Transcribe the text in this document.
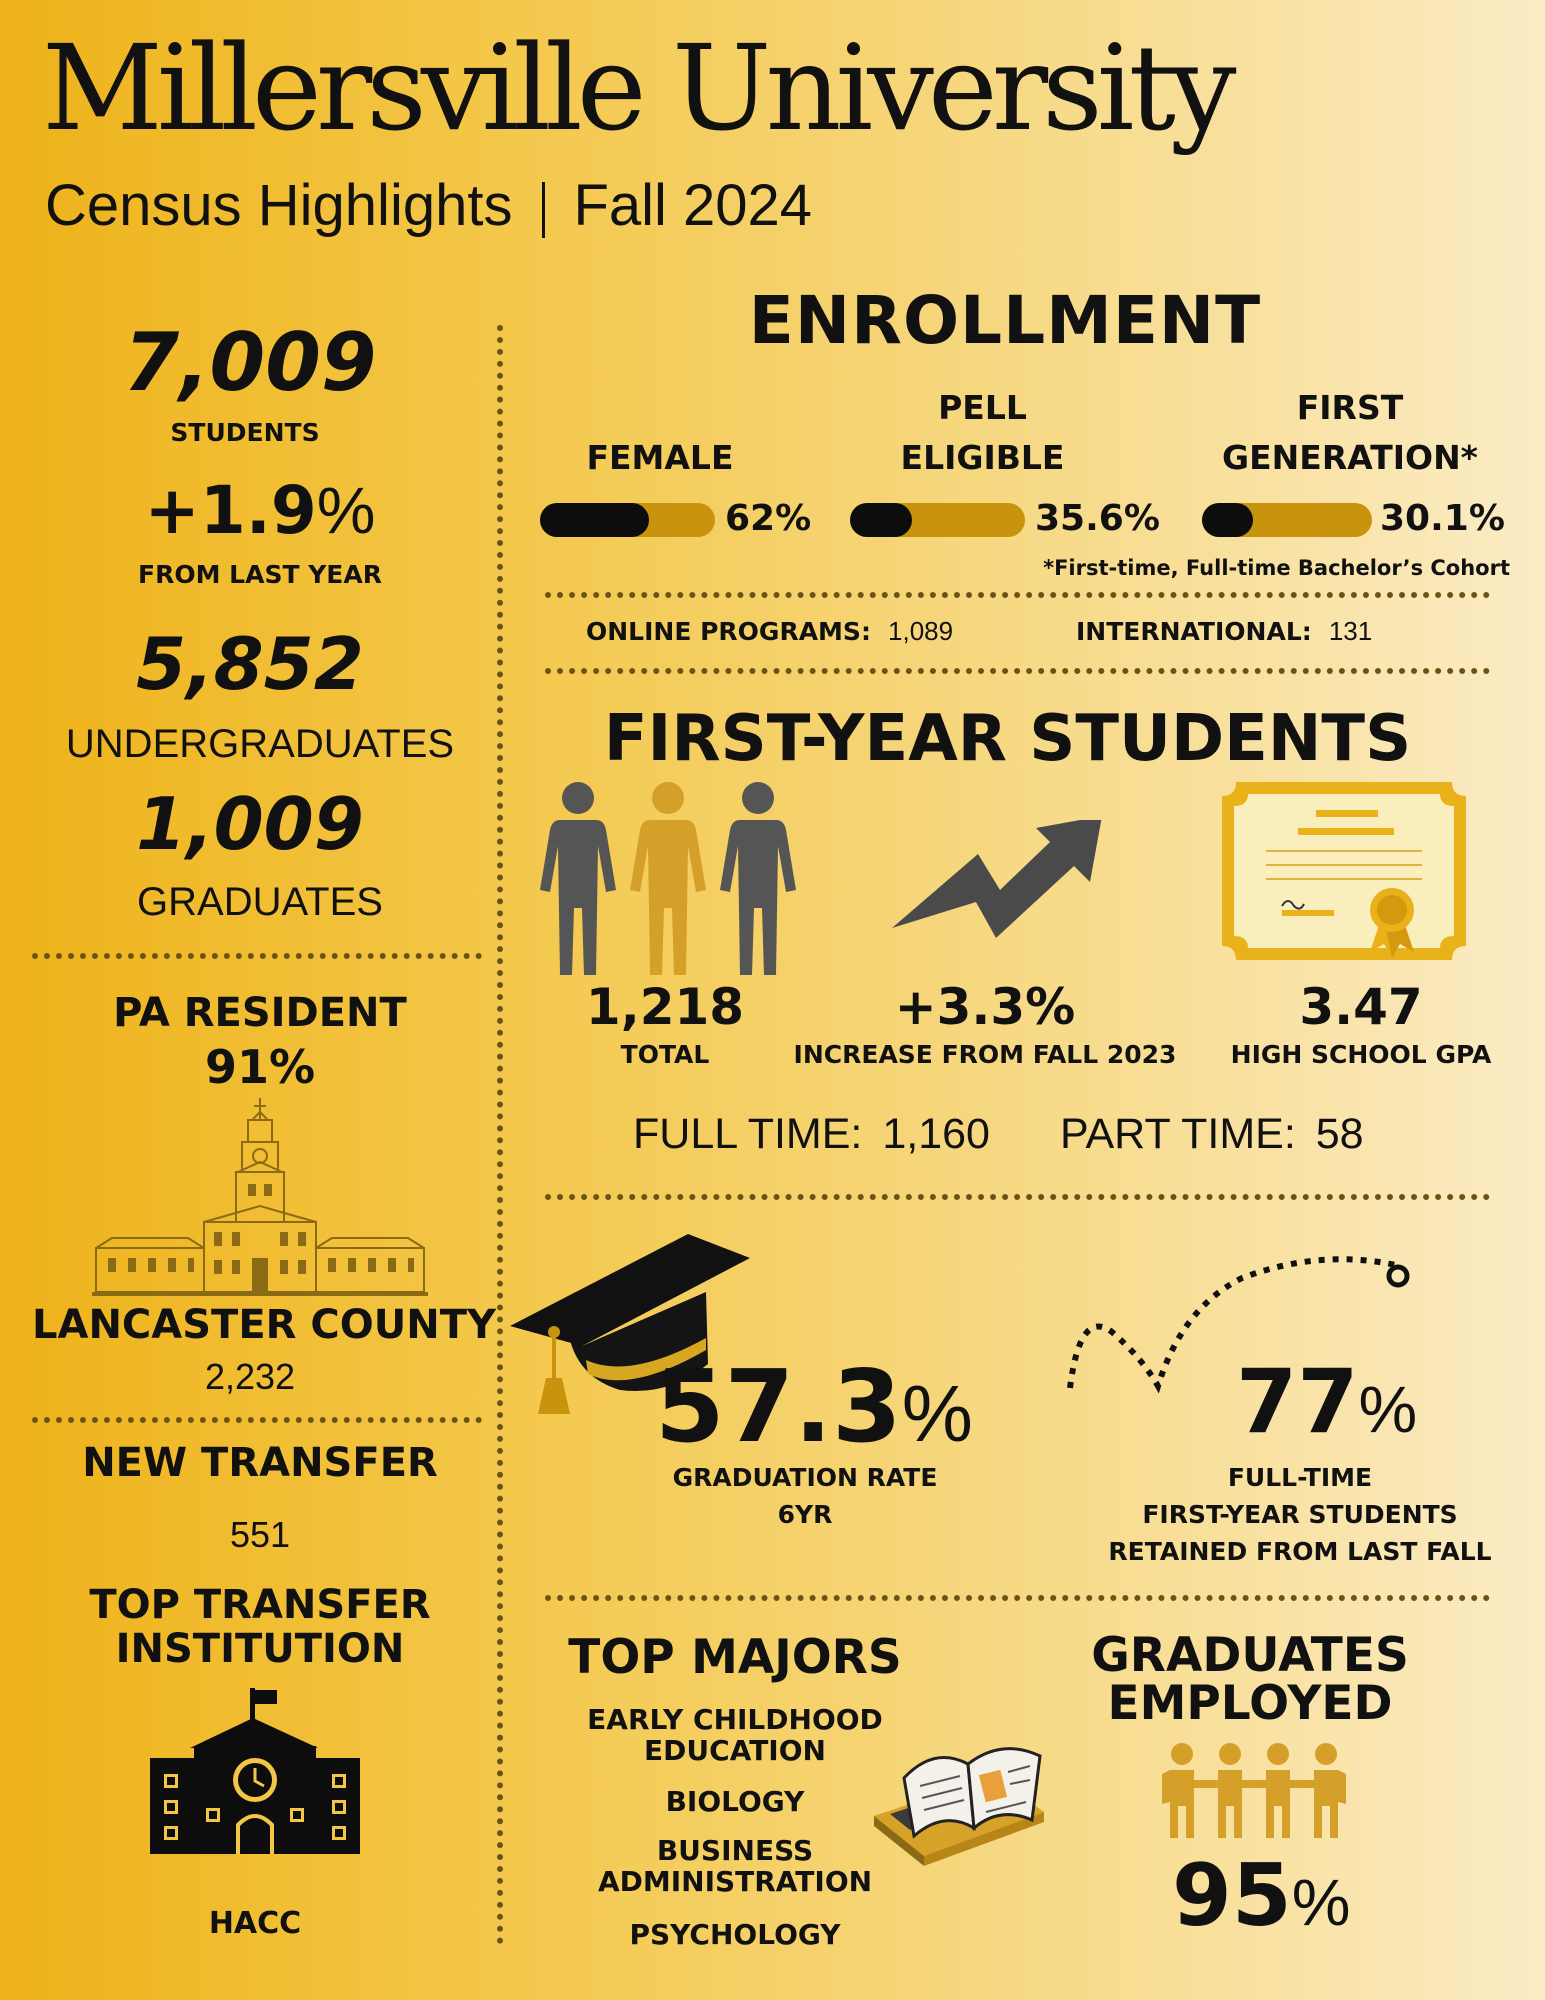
Millersville University
Census Highlights Fall 2024
7,009
STUDENTS
+1.9%
FROM LAST YEAR
5,852
UNDERGRADUATES
1,009
GRADUATES
PA RESIDENT
91%
LANCASTER COUNTY
2,232
NEW TRANSFER
551
TOP TRANSFER
INSTITUTION
HACC
ENROLLMENT
FEMALE
62%
PELL
ELIGIBLE
35.6%
FIRST
GENERATION*
30.1%
*First-time, Full-time Bachelor’s Cohort
ONLINE PROGRAMS: 1,089	INTERNATIONAL: 131
FIRST-YEAR STUDENTS
1,218
TOTAL
+3.3%
INCREASE FROM FALL 2023
3.47
HIGH SCHOOL GPA
FULL TIME: 1,160 PART TIME: 58
57.3%
GRADUATION RATE
6YR
77%
FULL-TIME
FIRST-YEAR STUDENTS
RETAINED FROM LAST FALL
TOP MAJORS
EARLY CHILDHOOD
EDUCATION
BIOLOGY
BUSINESS
ADMINISTRATION
PSYCHOLOGY
GRADUATES
EMPLOYED
95%
